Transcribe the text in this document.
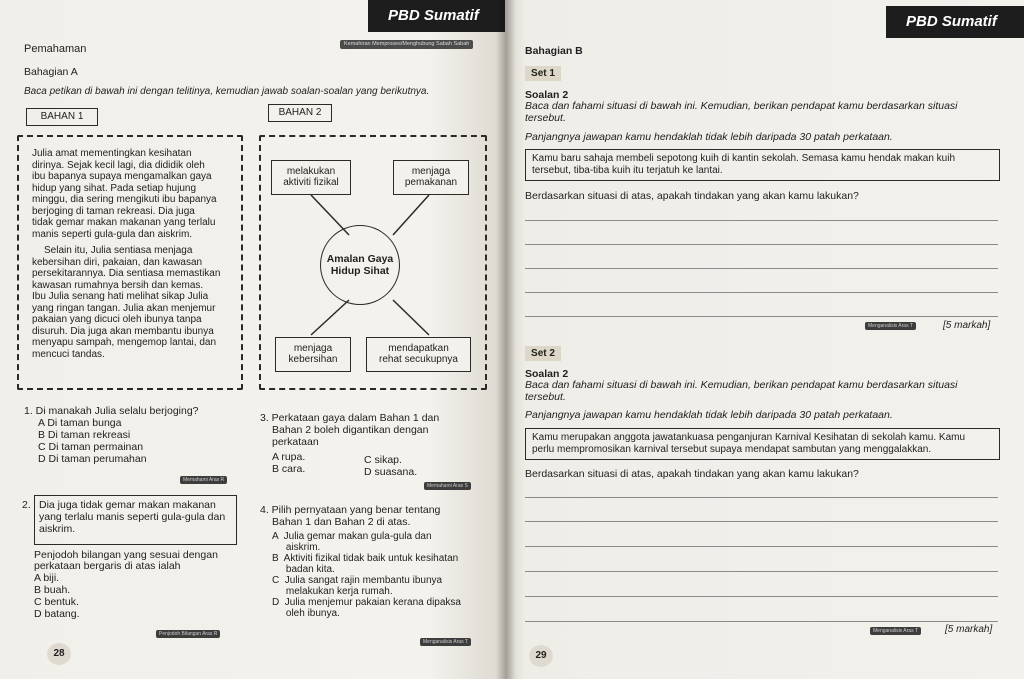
PBD Sumatif
Kemahiran Memproses/Menghubung Sabah Sabah
Pemahaman
Bahagian A
Baca petikan di bawah ini dengan telitinya, kemudian jawab soalan-soalan yang berikutnya.
BAHAN 1
Julia amat mementingkan kesihatan
dirinya. Sejak kecil lagi, dia dididik oleh
ibu bapanya supaya mengamalkan gaya
hidup yang sihat. Pada setiap hujung
minggu, dia sering mengikuti ibu bapanya
berjoging di taman rekreasi. Dia juga
tidak gemar makan makanan yang terlalu
manis seperti gula-gula dan aiskrim.
Selain itu, Julia sentiasa menjaga
kebersihan diri, pakaian, dan kawasan
persekitarannya. Dia sentiasa memastikan
kawasan rumahnya bersih dan kemas.
Ibu Julia senang hati melihat sikap Julia
yang ringan tangan. Julia akan menjemur
pakaian yang dicuci oleh ibunya tanpa
disuruh. Dia juga akan membantu ibunya
menyapu sampah, mengemop lantai, dan
mencuci tandas.
BAHAN 2
Amalan Gaya
Hidup Sihat
melakukan
aktiviti fizikal
menjaga
pemakanan
menjaga
kebersihan
mendapatkan
rehat secukupnya
1. Di manakah Julia selalu berjoging?
A Di taman bunga
B Di taman rekreasi
C Di taman permainan
D Di taman perumahan
Memahami Aras R
2. Dia juga tidak gemar makan makanan
yang terlalu manis seperti gula-gula dan
aiskrim.
Penjodoh bilangan yang sesuai dengan
perkataan bergaris di atas ialah
A biji.
B buah.
C bentuk.
D batang.
Penjodoh Bilangan Aras R
3. Perkataan gaya dalam Bahan 1 dan
Bahan 2 boleh digantikan dengan
perkataan
A rupa.	C sikap.
B cara.	D suasana.
Memahami Aras S
4. Pilih pernyataan yang benar tentang
Bahan 1 dan Bahan 2 di atas.
A  Julia gemar makan gula-gula dan
aiskrim.
B  Aktiviti fizikal tidak baik untuk kesihatan
badan kita.
C  Julia sangat rajin membantu ibunya
melakukan kerja rumah.
D  Julia menjemur pakaian kerana dipaksa
oleh ibunya.
Menganalisis Aras T
28
PBD Sumatif
Bahagian B
Set 1
Soalan 2
Baca dan fahami situasi di bawah ini. Kemudian, berikan pendapat kamu berdasarkan situasi
tersebut.
Panjangnya jawapan kamu hendaklah tidak lebih daripada 30 patah perkataan.
Kamu baru sahaja membeli sepotong kuih di kantin sekolah. Semasa kamu hendak makan kuih
tersebut, tiba-tiba kuih itu terjatuh ke lantai.
Berdasarkan situasi di atas, apakah tindakan yang akan kamu lakukan?
Menganalisis Aras T	[5 markah]
Set 2
Soalan 2
Baca dan fahami situasi di bawah ini. Kemudian, berikan pendapat kamu berdasarkan situasi
tersebut.
Panjangnya jawapan kamu hendaklah tidak lebih daripada 30 patah perkataan.
Kamu merupakan anggota jawatankuasa penganjuran Karnival Kesihatan di sekolah kamu. Kamu
perlu mempromosikan karnival tersebut supaya mendapat sambutan yang menggalakkan.
Berdasarkan situasi di atas, apakah tindakan yang akan kamu lakukan?
Menganalisis Aras T	[5 markah]
29
